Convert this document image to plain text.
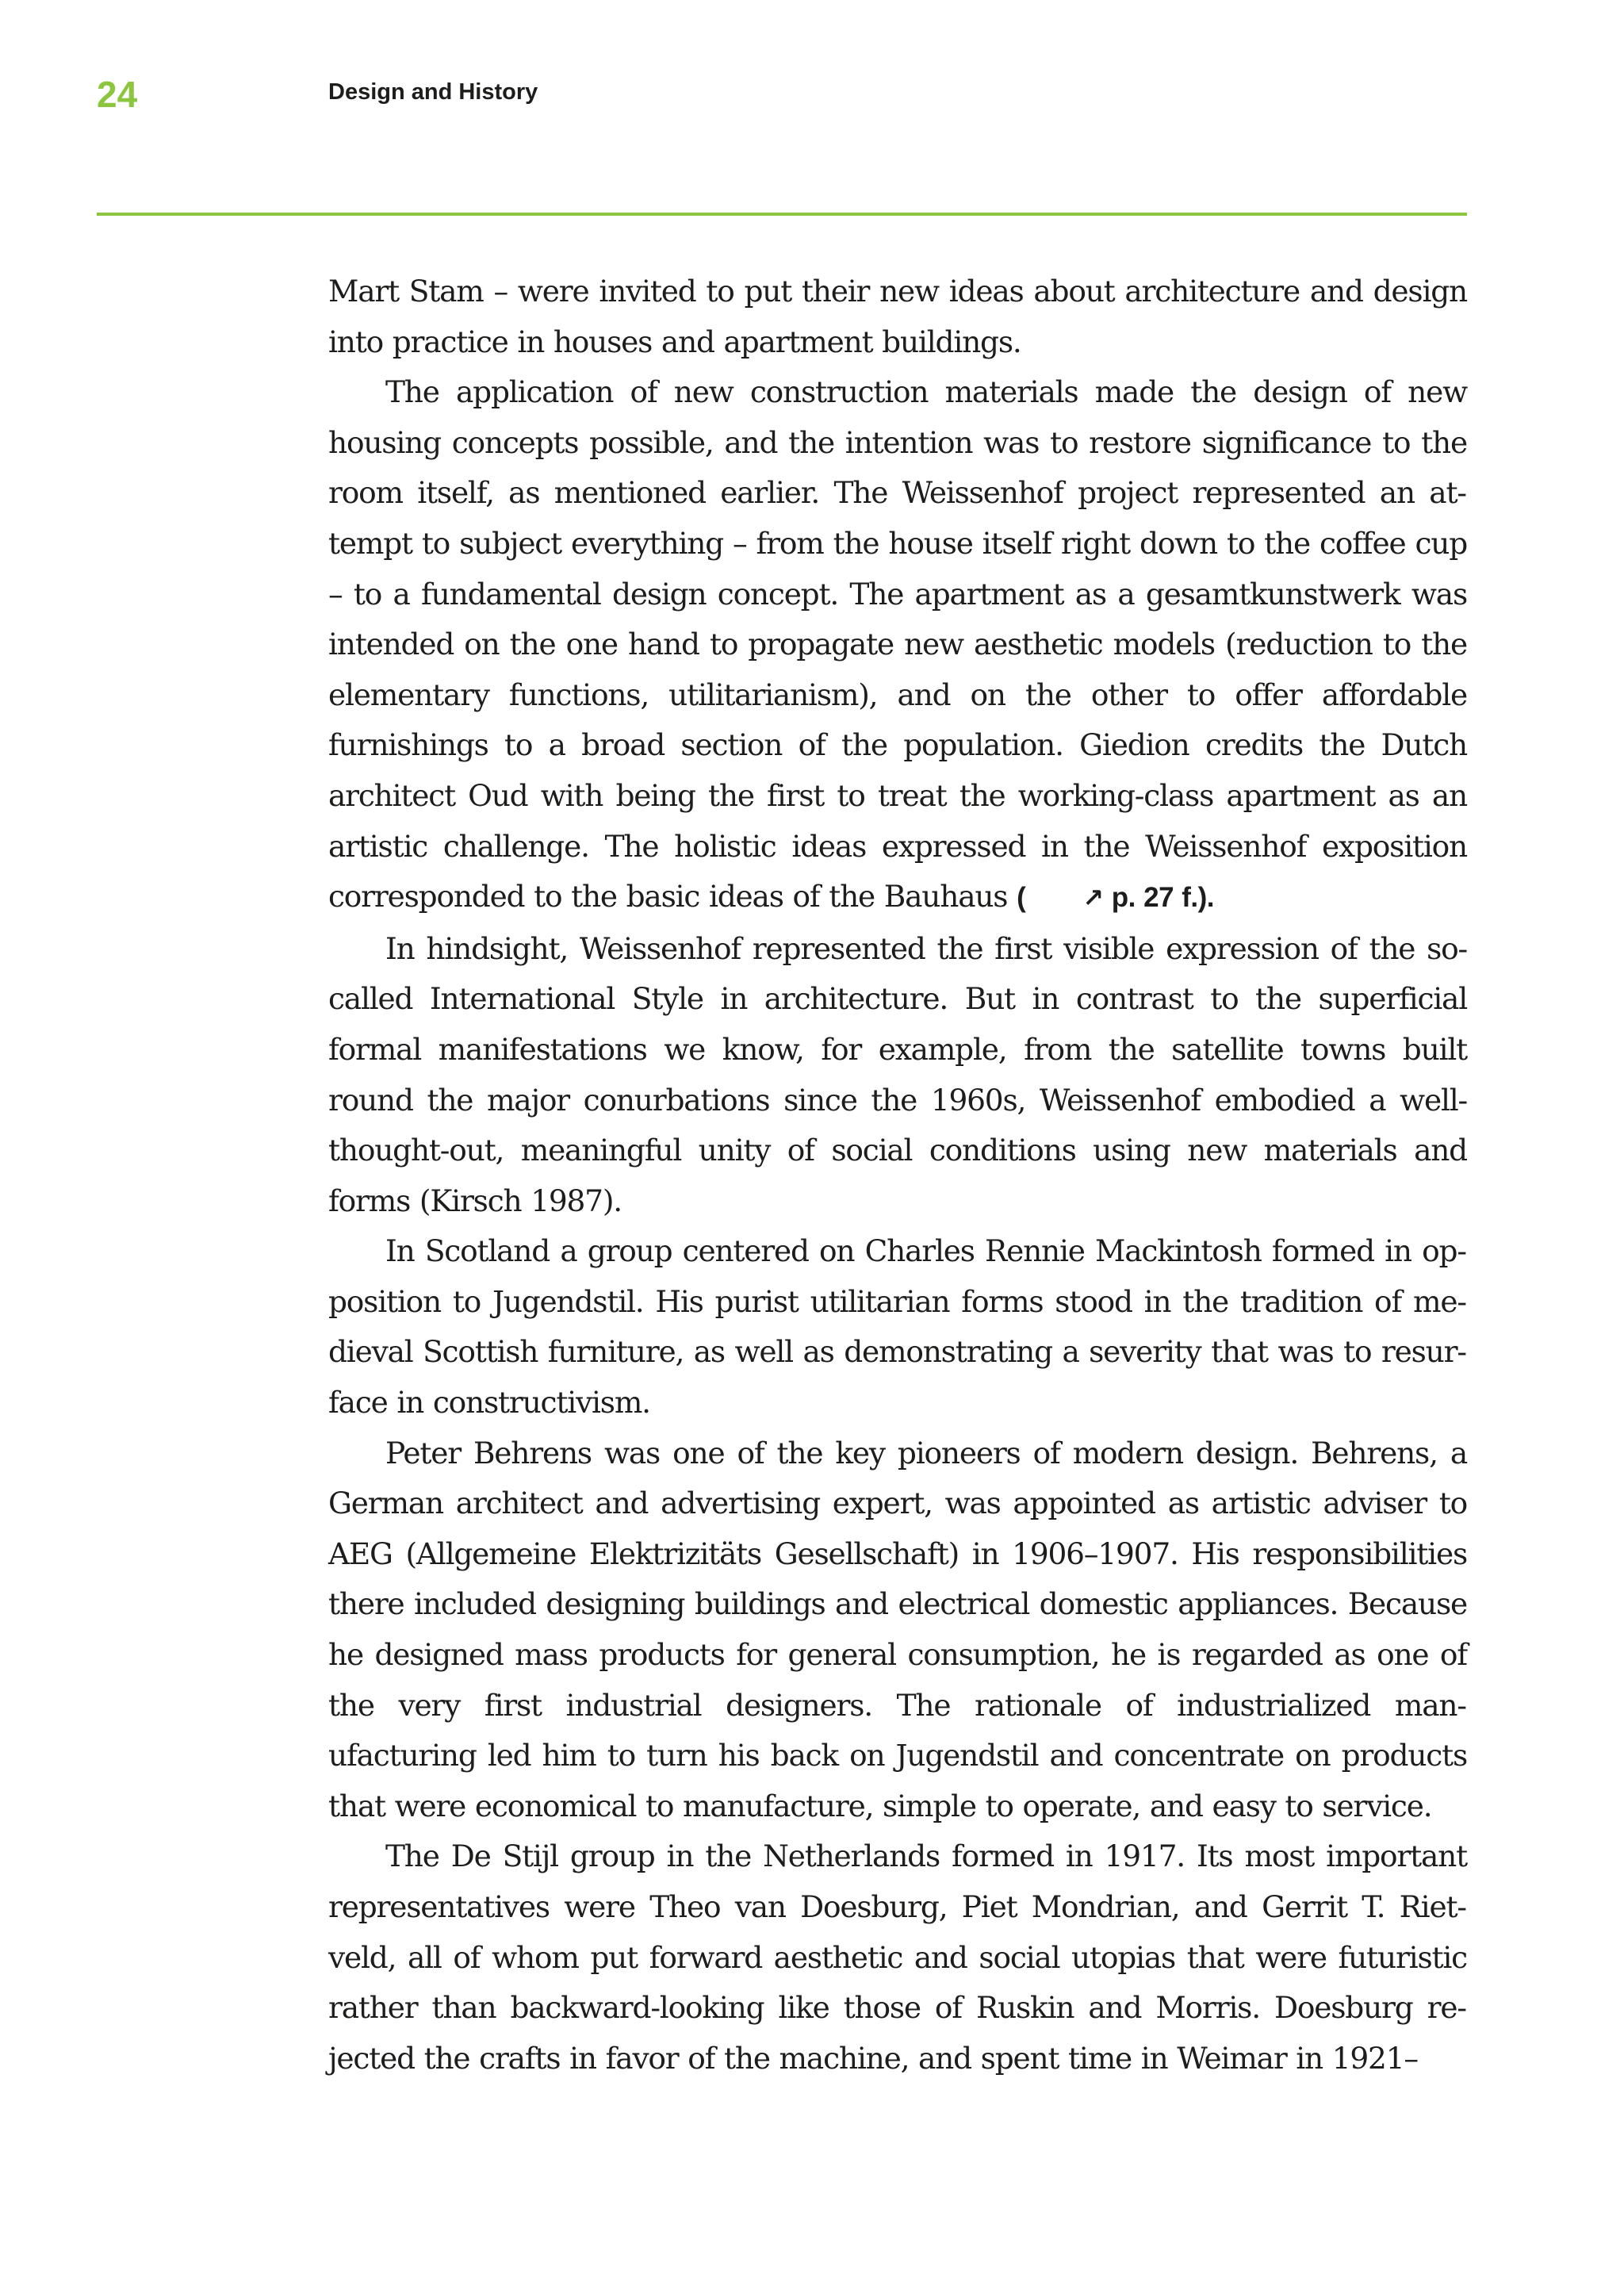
24	Design and History

Mart Stam – were invited to put their new ideas about architecture and design into practice in houses and apartment buildings.

The application of new construction materials made the design of new housing concepts possible, and the intention was to restore significance to the room itself, as mentioned earlier. The Weissenhof project represented an attempt to subject everything – from the house itself right down to the coffee cup – to a fundamental design concept. The apartment as a gesamtkunstwerk was intended on the one hand to propagate new aesthetic models (reduction to the elementary functions, utilitarianism), and on the other to offer affordable furnishings to a broad section of the population. Giedion credits the Dutch architect Oud with being the first to treat the working-class apartment as an artistic challenge. The holistic ideas expressed in the Weissenhof exposition corresponded to the basic ideas of the Bauhaus ( ↗ p. 27 f.).

In hindsight, Weissenhof represented the first visible expression of the so-called International Style in architecture. But in contrast to the superficial formal manifestations we know, for example, from the satellite towns built round the major conurbations since the 1960s, Weissenhof embodied a well-thought-out, meaningful unity of social conditions using new materials and forms (Kirsch 1987).

In Scotland a group centered on Charles Rennie Mackintosh formed in opposition to Jugendstil. His purist utilitarian forms stood in the tradition of medieval Scottish furniture, as well as demonstrating a severity that was to resurface in constructivism.

Peter Behrens was one of the key pioneers of modern design. Behrens, a German architect and advertising expert, was appointed as artistic adviser to AEG (Allgemeine Elektrizitäts Gesellschaft) in 1906–1907. His responsibilities there included designing buildings and electrical domestic appliances. Because he designed mass products for general consumption, he is regarded as one of the very first industrial designers. The rationale of industrialized manufacturing led him to turn his back on Jugendstil and concentrate on products that were economical to manufacture, simple to operate, and easy to service.

The De Stijl group in the Netherlands formed in 1917. Its most important representatives were Theo van Doesburg, Piet Mondrian, and Gerrit T. Rietveld, all of whom put forward aesthetic and social utopias that were futuristic rather than backward-looking like those of Ruskin and Morris. Doesburg rejected the crafts in favor of the machine, and spent time in Weimar in 1921–
